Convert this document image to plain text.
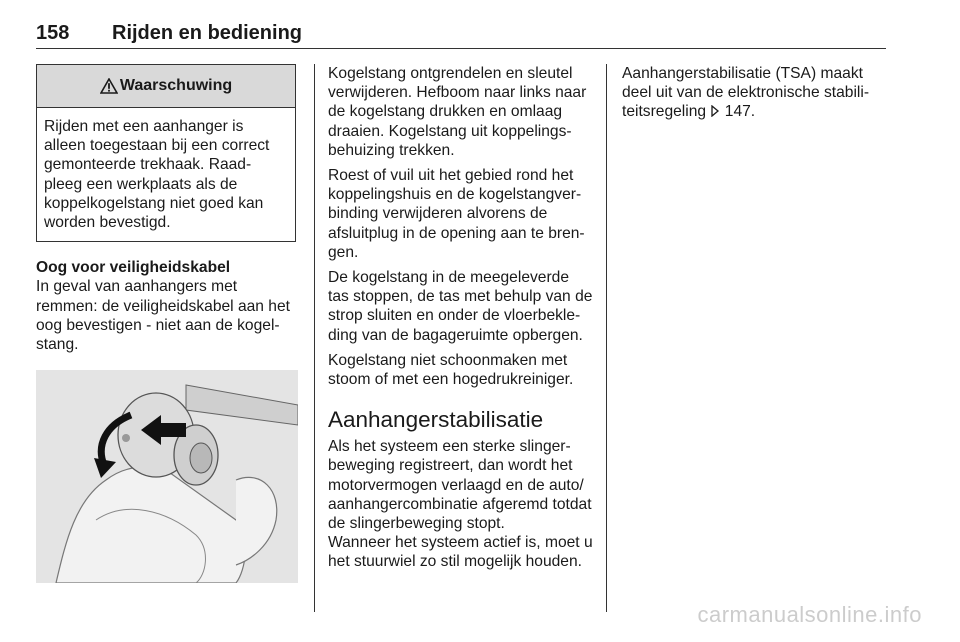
158 Rijden en bediening
Waarschuwing
Rijden met een aanhanger is alleen toegestaan bij een correct gemonteerde trekhaak. Raad-pleeg een werkplaats als de koppelkogelstang niet goed kan worden bevestigd.

Oog voor veiligheidskabel

In geval van aanhangers met remmen: de veiligheidskabel aan het oog bevestigen - niet aan de kogel-stang.

Kogelstang ontgrendelen en sleutel verwijderen. Hefboom naar links naar de kogelstang drukken en omlaag draaien. Kogelstang uit koppelings-behuizing trekken.

Roest of vuil uit het gebied rond het koppelingshuis en de kogelstangver-binding verwijderen alvorens de afsluitplug in de opening aan te bren-gen.

De kogelstang in de meegeleverde tas stoppen, de tas met behulp van de strop sluiten en onder de vloerbekle-ding van de bagageruimte opbergen.

Kogelstang niet schoonmaken met stoom of met een hogedrukreiniger.

Aanhangerstabilisatie

Als het systeem een sterke slinger-beweging registreert, dan wordt het motorvermogen verlaagd en de auto/ aanhangercombinatie afgeremd totdat de slingerbeweging stopt.

Wanneer het systeem actief is, moet u het stuurwiel zo stil mogelijk houden.

Aanhangerstabilisatie (TSA) maakt deel uit van de elektronische stabili-teitsregeling 147.

carmanualsonline.info
